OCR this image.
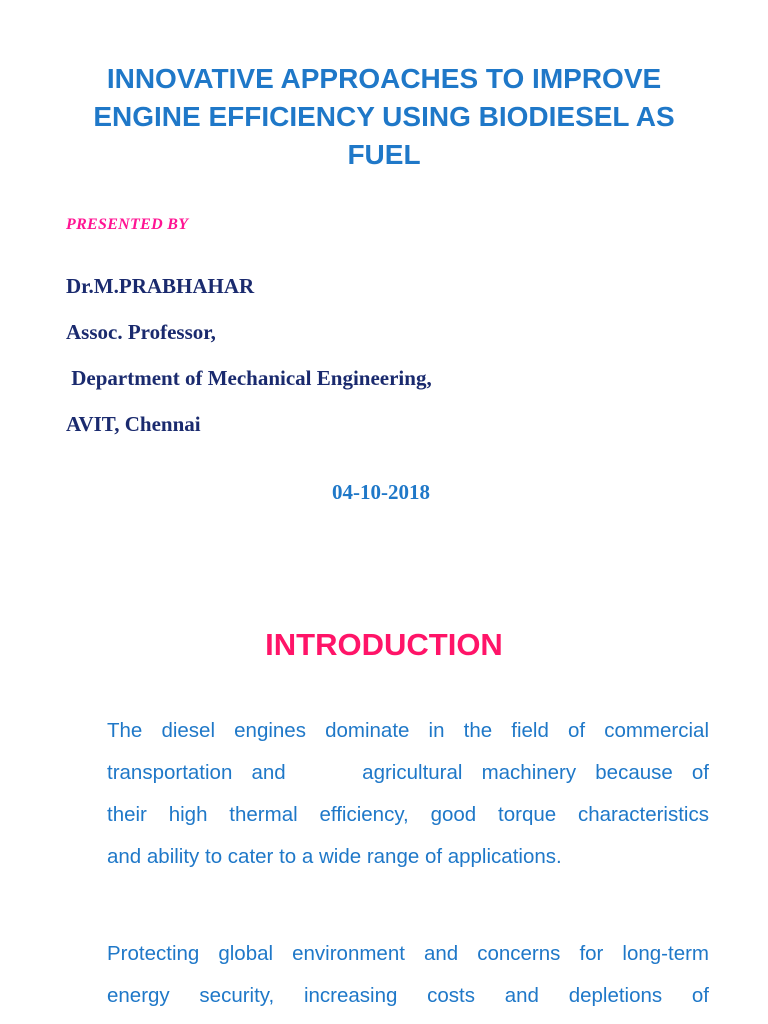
INNOVATIVE APPROACHES TO IMPROVE
ENGINE EFFICIENCY USING BIODIESEL AS
FUEL

PRESENTED BY

Dr.M.PRABHAHAR

Assoc. Professor,

Department of Mechanical Engineering,

AVIT, Chennai

04-10-2018

INTRODUCTION

The diesel engines dominate in the field of commercial
transportation and    agricultural machinery because of
their high thermal efficiency, good torque characteristics
and ability to cater to a wide range of applications.

Protecting global environment and concerns for long-term
energy security, increasing costs and depletions of
